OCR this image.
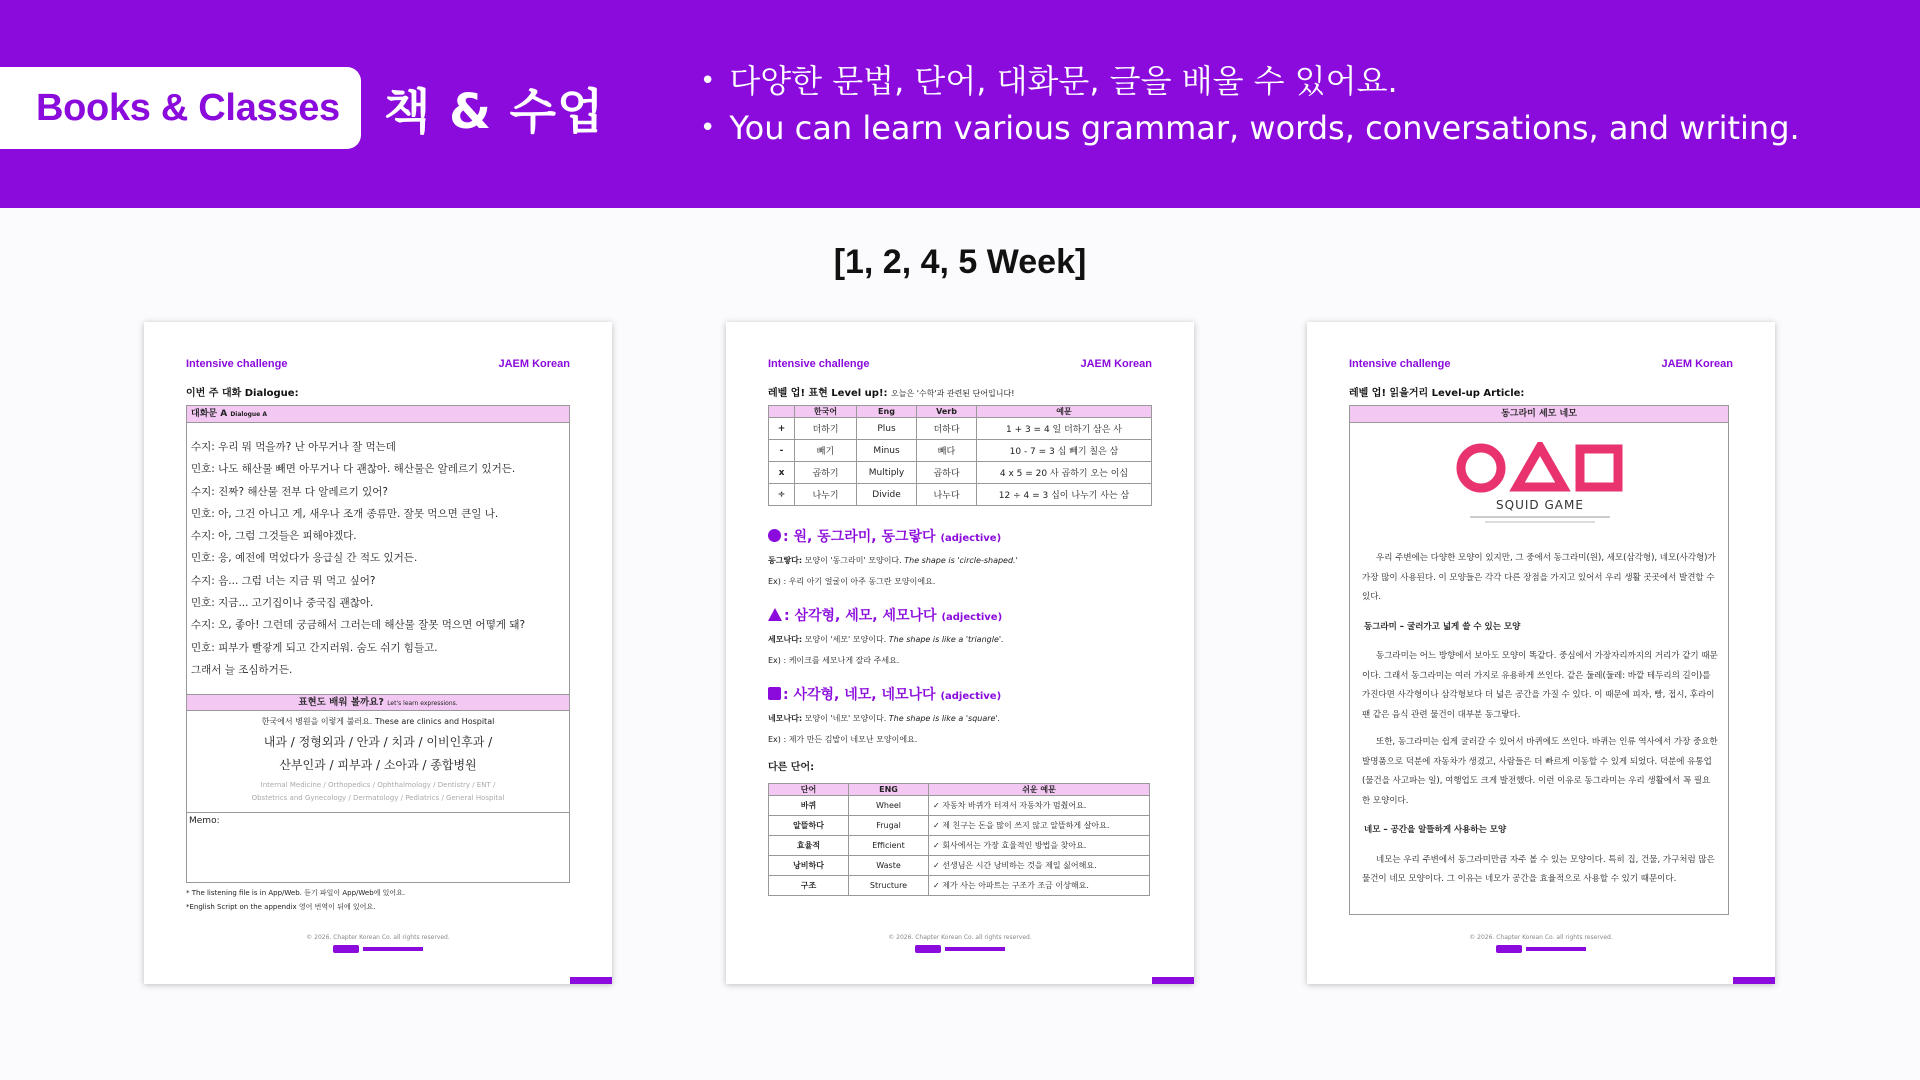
Books & Classes 책 & 수업
• 다양한 문법, 단어, 대화문, 글을 배울 수 있어요.
• You can learn various grammar, words, conversations, and writing.
[1, 2, 4, 5 Week]
Intensive challenge	JAEM Korean
이번 주 대화 Dialogue:
대화문 A Dialogue A

수지: 우리 뭐 먹을까? 난 아무거나 잘 먹는데

민호: 나도 해산물 빼면 아무거나 다 괜찮아. 해산물은 알레르기 있거든.

수지: 진짜? 해산물 전부 다 알레르기 있어?

민호: 아, 그건 아니고 게, 새우나 조개 종류만. 잘못 먹으면 큰일 나.

수지: 아, 그럼 그것들은 피해야겠다.

민호: 응, 예전에 먹었다가 응급실 간 적도 있거든.

수지: 음... 그럼 너는 지금 뭐 먹고 싶어?

민호: 지금... 고기집이나 중국집 괜찮아.

수지: 오, 좋아! 그런데 궁금해서 그러는데 해산물 잘못 먹으면 어떻게 돼?

민호: 피부가 빨갛게 되고 간지러워. 숨도 쉬기 힘들고.

그래서 늘 조심하거든.

표현도 배워 볼까요? Let's learn expressions.
한국에서 병원을 이렇게 불러요. These are clinics and Hospital
내과 / 정형외과 / 안과 / 치과 / 이비인후과 /
산부인과 / 피부과 / 소아과 / 종합병원
Internal Medicine / Orthopedics / Ophthalmology / Dentistry / ENT /
Obstetrics and Gynecology / Dermatology / Pediatrics / General Hospital
Memo:
* The listening file is in App/Web. 듣기 파일이 App/Web에 있어요.
*English Script on the appendix 영어 번역이 뒤에 있어요.
© 2026. Chapter Korean Co. all rights reserved.
Intensive challenge	JAEM Korean
레벨 업! 표현 Level up!: 오늘은 '수학'과 관련된 단어입니다!
	한국어	Eng	Verb	예문
+	더하기	Plus	더하다	1 + 3 = 4 일 더하기 삼은 사
-	빼기	Minus	빼다	10 - 7 = 3 십 빼기 칠은 삼
x	곱하기	Multiply	곱하다	4 x 5 = 20 사 곱하기 오는 이십
÷	나누기	Divide	나누다	12 ÷ 4 = 3 십이 나누기 사는 삼
: 원, 동그라미, 동그랗다 (adjective)
동그랗다: 모양이 '동그라미' 모양이다. The shape is 'circle-shaped.'
Ex) : 우리 아기 얼굴이 아주 동그란 모양이에요.
: 삼각형, 세모, 세모나다 (adjective)
세모나다: 모양이 '세모' 모양이다. The shape is like a 'triangle'.
Ex) : 케이크를 세모나게 잘라 주세요.
: 사각형, 네모, 네모나다 (adjective)
네모나다: 모양이 '네모' 모양이다. The shape is like a 'square'.
Ex) : 제가 만든 김밥이 네모난 모양이에요.
다른 단어:
단어	ENG	쉬운 예문
바퀴	Wheel	✓ 자동차 바퀴가 터져서 자동차가 멈췄어요.
알뜰하다	Frugal	✓ 제 친구는 돈을 많이 쓰지 않고 알뜰하게 살아요.
효율적	Efficient	✓ 회사에서는 가장 효율적인 방법을 찾아요.
낭비하다	Waste	✓ 선생님은 시간 낭비하는 것을 제일 싫어해요.
구조	Structure	✓ 제가 사는 아파트는 구조가 조금 이상해요.
© 2026. Chapter Korean Co. all rights reserved.
Intensive challenge	JAEM Korean
레벨 업! 읽을거리 Level-up Article:
동그라미 세모 네모
SQUID GAME

우리 주변에는 다양한 모양이 있지만, 그 중에서 동그라미(원), 세모(삼각형), 네모(사각형)가 가장 많이 사용된다. 이 모양들은 각각 다른 장점을 가지고 있어서 우리 생활 곳곳에서 발견할 수 있다.

동그라미 – 굴러가고 넓게 쓸 수 있는 모양

동그라미는 어느 방향에서 보아도 모양이 똑같다. 중심에서 가장자리까지의 거리가 같기 때문이다. 그래서 동그라미는 여러 가지로 유용하게 쓰인다. 같은 둘레(둘레: 바깥 테두리의 길이)를 가진다면 사각형이나 삼각형보다 더 넓은 공간을 가질 수 있다. 이 때문에 피자, 빵, 접시, 후라이팬 같은 음식 관련 물건이 대부분 동그랗다.

또한, 동그라미는 쉽게 굴러갈 수 있어서 바퀴에도 쓰인다. 바퀴는 인류 역사에서 가장 중요한 발명품으로 덕분에 자동차가 생겼고, 사람들은 더 빠르게 이동할 수 있게 되었다. 덕분에 유통업(물건을 사고파는 일), 여행업도 크게 발전했다. 이런 이유로 동그라미는 우리 생활에서 꼭 필요한 모양이다.

네모 – 공간을 알뜰하게 사용하는 모양

네모는 우리 주변에서 동그라미만큼 자주 볼 수 있는 모양이다. 특히 집, 건물, 가구처럼 많은 물건이 네모 모양이다. 그 이유는 네모가 공간을 효율적으로 사용할 수 있기 때문이다.

© 2026. Chapter Korean Co. all rights reserved.
